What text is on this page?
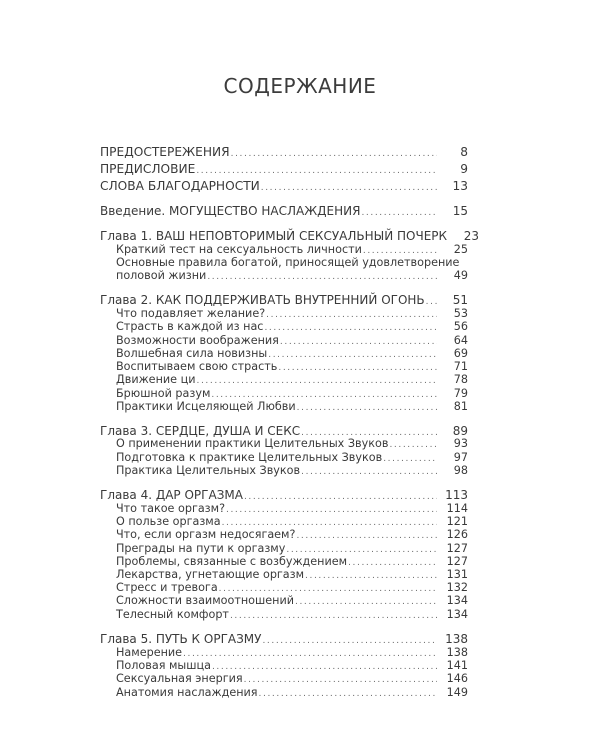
СОДЕРЖАНИЕ
ПРЕДОСТЕРЕЖЕНИЯ .....	8
ПРЕДИСЛОВИЕ .....	9
СЛОВА БЛАГОДАРНОСТИ .....	13
Введение. МОГУЩЕСТВО НАСЛАЖДЕНИЯ .....	15
Глава 1. ВАШ НЕПОВТОРИМЫЙ СЕКСУАЛЬНЫЙ ПОЧЕРК	23
Краткий тест на сексуальность личности .....	25
Основные правила богатой, приносящей удовлетворение
половой жизни .....	49
Глава 2. КАК ПОДДЕРЖИВАТЬ ВНУТРЕННИЙ ОГОНЬ .....	51
Что подавляет желание? .....	53
Страсть в каждой из нас .....	56
Возможности воображения .....	64
Волшебная сила новизны .....	69
Воспитываем свою страсть .....	71
Движение ци .....	78
Брюшной разум .....	79
Практики Исцеляющей Любви .....	81
Глава 3. СЕРДЦЕ, ДУША И СЕКС .....	89
О применении практики Целительных Звуков .....	93
Подготовка к практике Целительных Звуков .....	97
Практика Целительных Звуков .....	98
Глава 4. ДАР ОРГАЗМА .....	113
Что такое оргазм? .....	114
О пользе оргазма .....	121
Что, если оргазм недосягаем? .....	126
Преграды на пути к оргазму .....	127
Проблемы, связанные с возбуждением .....	127
Лекарства, угнетающие оргазм .....	131
Стресс и тревога .....	132
Сложности взаимоотношений .....	134
Телесный комфорт .....	134
Глава 5. ПУТЬ К ОРГАЗМУ .....	138
Намерение .....	138
Половая мышца .....	141
Сексуальная энергия .....	146
Анатомия наслаждения .....	149
